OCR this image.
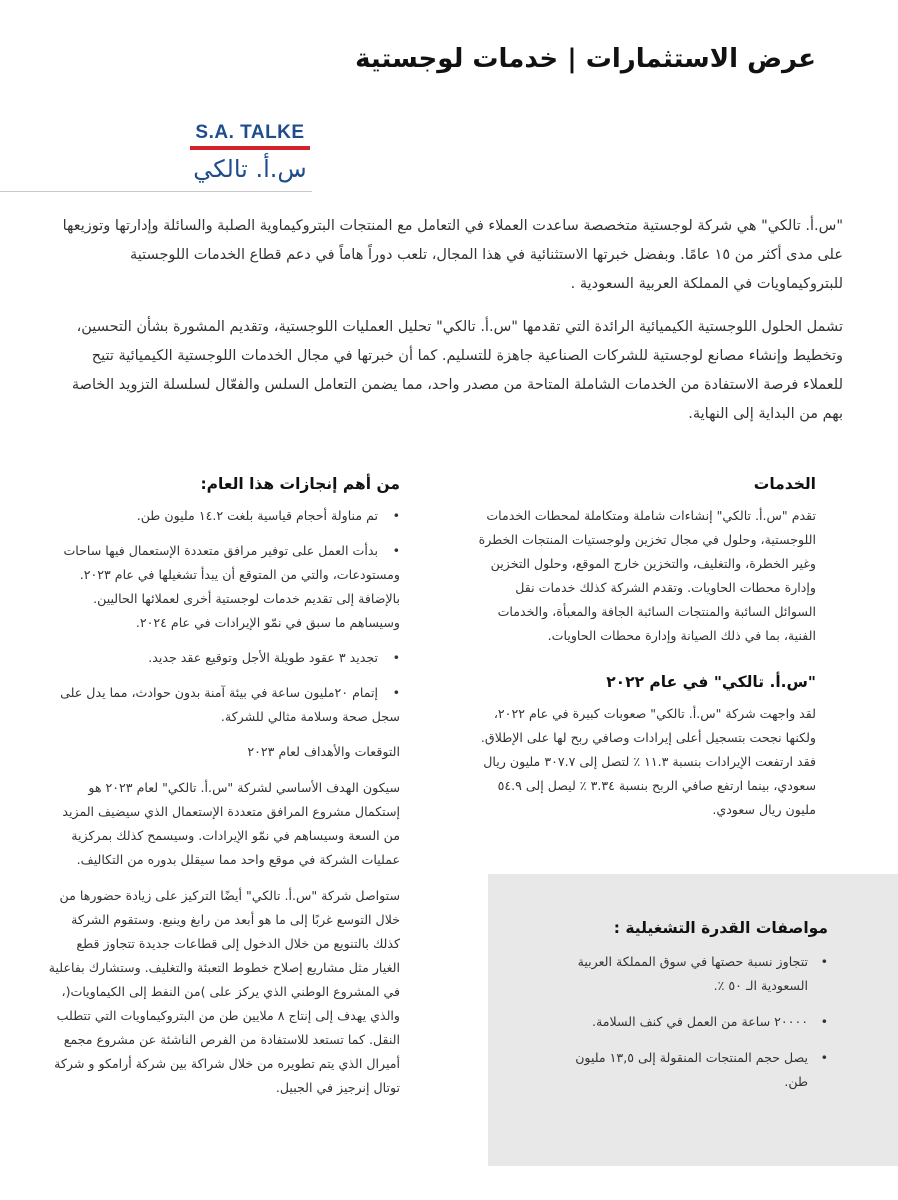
عرض الاستثمارات | خدمات لوجستية
S.A. TALKE
س.أ. تالكي

"س.أ. تالكي" هي شركة لوجستية متخصصة ساعدت العملاء في التعامل مع المنتجات البتروكيماوية الصلبة والسائلة وإدارتها وتوزيعها على مدى أكثر من ١٥ عامًا. وبفضل خبرتها الاستثنائية في هذا المجال، تلعب دوراً هاماً في دعم قطاع الخدمات اللوجستية للبتروكيماويات في المملكة العربية السعودية .

تشمل الحلول اللوجستية الكيميائية الرائدة التي تقدمها "س.أ. تالكي" تحليل العمليات اللوجستية، وتقديم المشورة بشأن التحسين، وتخطيط وإنشاء مصانع لوجستية للشركات الصناعية جاهزة للتسليم. كما أن خبرتها في مجال الخدمات اللوجستية الكيميائية تتيح للعملاء فرصة الاستفادة من الخدمات الشاملة المتاحة من مصدر واحد، مما يضمن التعامل السلس والفعّال لسلسلة التزويد الخاصة بهم من البداية إلى النهاية.

الخدمات

تقدم "س.أ. تالكي" إنشاءات شاملة ومتكاملة لمحطات الخدمات اللوجستية، وحلول في مجال تخزين ولوجستيات المنتجات الخطرة وغير الخطرة، والتغليف، والتخزين خارج الموقع، وحلول التخزين وإدارة محطات الحاويات. وتقدم الشركة كذلك خدمات نقل السوائل السائبة والمنتجات السائبة الجافة والمعبأة، والخدمات الفنية، بما في ذلك الصيانة وإدارة محطات الحاويات.

"س.أ. تالكي" في عام ٢٠٢٢

لقد واجهت شركة "س.أ. تالكي" صعوبات كبيرة في عام ٢٠٢٢، ولكنها نجحت بتسجيل أعلى إيرادات وصافي ربح لها على الإطلاق. فقد ارتفعت الإيرادات بنسبة ١١.٣ ٪ لتصل إلى ٣٠٧.٧ مليون ريال سعودي، بينما ارتفع صافي الربح بنسبة ٣.٣٤ ٪ ليصل إلى ٥٤.٩ مليون ريال سعودي.

مواصفات القدرة التشغيلية :
•
تتجاوز نسبة حصتها في سوق المملكة العربية السعودية الـ ٥٠ ٪.
•
٢٠٠٠٠ ساعة من العمل في كنف السلامة.
•
يصل حجم المنتجات المنقولة إلى ١٣,٥ مليون طن.
من أهم إنجازات هذا العام:
•
تم مناولة أحجام قياسية بلغت ١٤.٢ مليون طن.
•
بدأت العمل على توفير مرافق متعددة الإستعمال فيها ساحات ومستودعات، والتي من المتوقع أن يبدأ تشغيلها في عام ٢٠٢٣. بالإضافة إلى تقديم خدمات لوجستية أخرى لعملائها الحاليين. وسيساهم ما سبق في نمّو الإيرادات في عام ٢٠٢٤.
•
تجديد ٣ عقود طويلة الأجل وتوقيع عقد جديد.
•
إتمام ٢٠مليون ساعة في بيئة آمنة بدون حوادث، مما يدل على سجل صحة وسلامة مثالي للشركة.

التوقعات والأهداف لعام ٢٠٢٣

سيكون الهدف الأساسي لشركة "س.أ. تالكي" لعام ٢٠٢٣ هو إستكمال مشروع المرافق متعددة الإستعمال الذي سيضيف المزيد من السعة وسيساهم في نمّو الإيرادات. وسيسمح كذلك بمركزية عمليات الشركة في موقع واحد مما سيقلل بدوره من التكاليف.

ستواصل شركة "س.أ. تالكي" أيضًا التركيز على زيادة حضورها من خلال التوسع غربًا إلى ما هو أبعد من رابغ وينبع. وستقوم الشركة كذلك بالتنويع من خلال الدخول إلى قطاعات جديدة تتجاوز قطع الغيار مثل مشاريع إصلاح خطوط التعبئة والتغليف. وستشارك بفاعلية في المشروع الوطني الذي يركز على )من النفط إلى الكيماويات(، والذي يهدف إلى إنتاج ٨ ملايين طن من البتروكيماويات التي تتطلب النقل. كما تستعد للاستفادة من الفرص الناشئة عن مشروع مجمع أميرال الذي يتم تطويره من خلال شراكة بين شركة أرامكو و شركة توتال إنرجيز في الجبيل.
